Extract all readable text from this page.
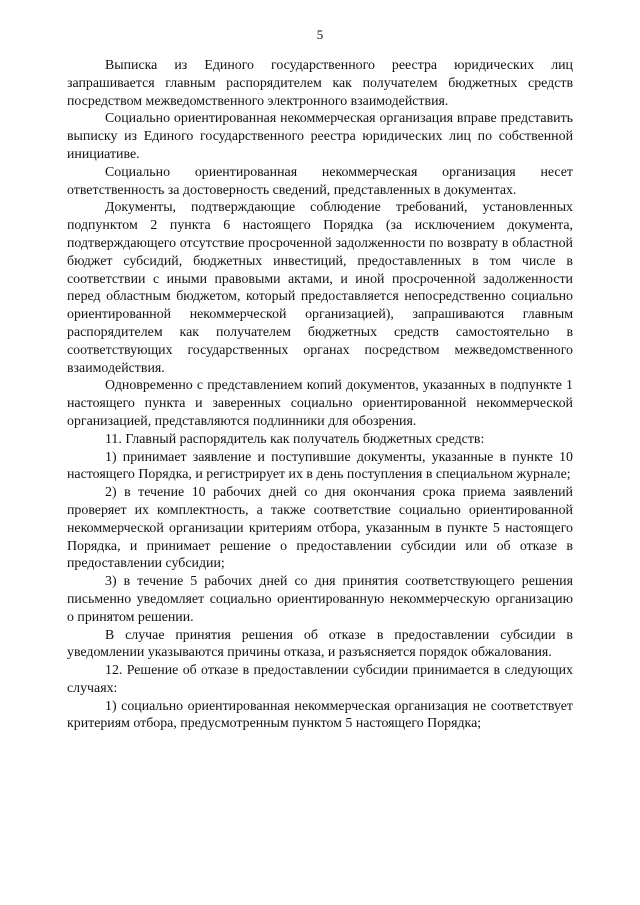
5

Выписка из Единого государственного реестра юридических лиц запрашивается главным распорядителем как получателем бюджетных средств посредством межведомственного электронного взаимодействия.

Социально ориентированная некоммерческая организация вправе представить выписку из Единого государственного реестра юридических лиц по собственной инициативе.

Социально ориентированная некоммерческая организация несет ответственность за достоверность сведений, представленных в документах.

Документы, подтверждающие соблюдение требований, установленных подпунктом 2 пункта 6 настоящего Порядка (за исключением документа, подтверждающего отсутствие просроченной задолженности по возврату в областной бюджет субсидий, бюджетных инвестиций, предоставленных в том числе в соответствии с иными правовыми актами, и иной просроченной задолженности перед областным бюджетом, который предоставляется непосредственно социально ориентированной некоммерческой организацией), запрашиваются главным распорядителем как получателем бюджетных средств самостоятельно в соответствующих государственных органах посредством межведомственного взаимодействия.

Одновременно с представлением копий документов, указанных в подпункте 1 настоящего пункта и заверенных социально ориентированной некоммерческой организацией, представляются подлинники для обозрения.

11. Главный распорядитель как получатель бюджетных средств:

1) принимает заявление и поступившие документы, указанные в пункте 10 настоящего Порядка, и регистрирует их в день поступления в специальном журнале;

2) в течение 10 рабочих дней со дня окончания срока приема заявлений проверяет их комплектность, а также соответствие социально ориентированной некоммерческой организации критериям отбора, указанным в пункте 5 настоящего Порядка, и принимает решение о предоставлении субсидии или об отказе в предоставлении субсидии;

3) в течение 5 рабочих дней со дня принятия соответствующего решения письменно уведомляет социально ориентированную некоммерческую организацию о принятом решении.

В случае принятия решения об отказе в предоставлении субсидии в уведомлении указываются причины отказа, и разъясняется порядок обжалования.

12. Решение об отказе в предоставлении субсидии принимается в следующих случаях:

1) социально ориентированная некоммерческая организация не соответствует критериям отбора, предусмотренным пунктом 5 настоящего Порядка;
